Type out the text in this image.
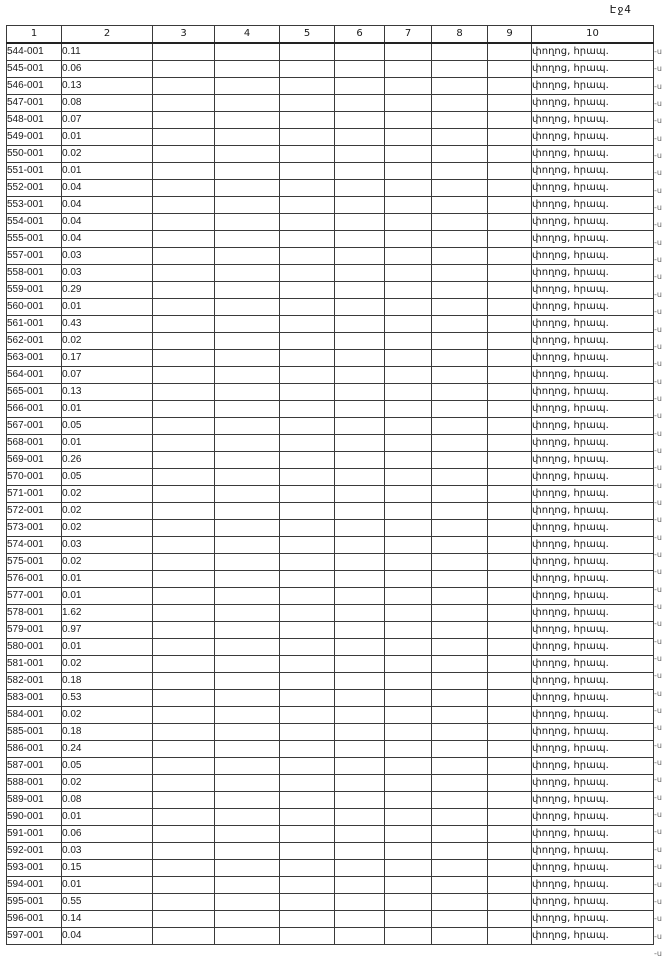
Էջ4
1	2	3	4	5	6	7	8	9	10
544-001	0.11								փողոց, հրապ.
545-001	0.06								փողոց, հրապ.
546-001	0.13								փողոց, հրապ.
547-001	0.08								փողոց, հրապ.
548-001	0.07								փողոց, հրապ.
549-001	0.01								փողոց, հրապ.
550-001	0.02								փողոց, հրապ.
551-001	0.01								փողոց, հրապ.
552-001	0.04								փողոց, հրապ.
553-001	0.04								փողոց, հրապ.
554-001	0.04								փողոց, հրապ.
555-001	0.04								փողոց, հրապ.
557-001	0.03								փողոց, հրապ.
558-001	0.03								փողոց, հրապ.
559-001	0.29								փողոց, հրապ.
560-001	0.01								փողոց, հրապ.
561-001	0.43								փողոց, հրապ.
562-001	0.02								փողոց, հրապ.
563-001	0.17								փողոց, հրապ.
564-001	0.07								փողոց, հրապ.
565-001	0.13								փողոց, հրապ.
566-001	0.01								փողոց, հրապ.
567-001	0.05								փողոց, հրապ.
568-001	0.01								փողոց, հրապ.
569-001	0.26								փողոց, հրապ.
570-001	0.05								փողոց, հրապ.
571-001	0.02								փողոց, հրապ.
572-001	0.02								փողոց, հրապ.
573-001	0.02								փողոց, հրապ.
574-001	0.03								փողոց, հրապ.
575-001	0.02								փողոց, հրապ.
576-001	0.01								փողոց, հրապ.
577-001	0.01								փողոց, հրապ.
578-001	1.62								փողոց, հրապ.
579-001	0.97								փողոց, հրապ.
580-001	0.01								փողոց, հրապ.
581-001	0.02								փողոց, հրապ.
582-001	0.18								փողոց, հրապ.
583-001	0.53								փողոց, հրապ.
584-001	0.02								փողոց, հրապ.
585-001	0.18								փողոց, հրապ.
586-001	0.24								փողոց, հրապ.
587-001	0.05								փողոց, հրապ.
588-001	0.02								փողոց, հրապ.
589-001	0.08								փողոց, հրապ.
590-001	0.01								փողոց, հրապ.
591-001	0.06								փողոց, հրապ.
592-001	0.03								փողոց, հրապ.
593-001	0.15								փողոց, հրապ.
594-001	0.01								փողոց, հրապ.
595-001	0.55								փողոց, հրապ.
596-001	0.14								փողոց, հրապ.
597-001	0.04								փողոց, հրապ.
-ս
-ս
-ս
-ս
-ս
-ս
-ս
-ս
-ս
-ս
-ս
-ս
-ս
-ս
-ս
-ս
-ս
-ս
-ս
-ս
-ս
-ս
-ս
-ս
-ս
-ս
-ս
-ս
-ս
-ս
-ս
-ս
-ս
-ս
-ս
-ս
-ս
-ս
-ս
-ս
-ս
-ս
-ս
-ս
-ս
-ս
-ս
-ս
-ս
-ս
-ս
-ս
-ս
